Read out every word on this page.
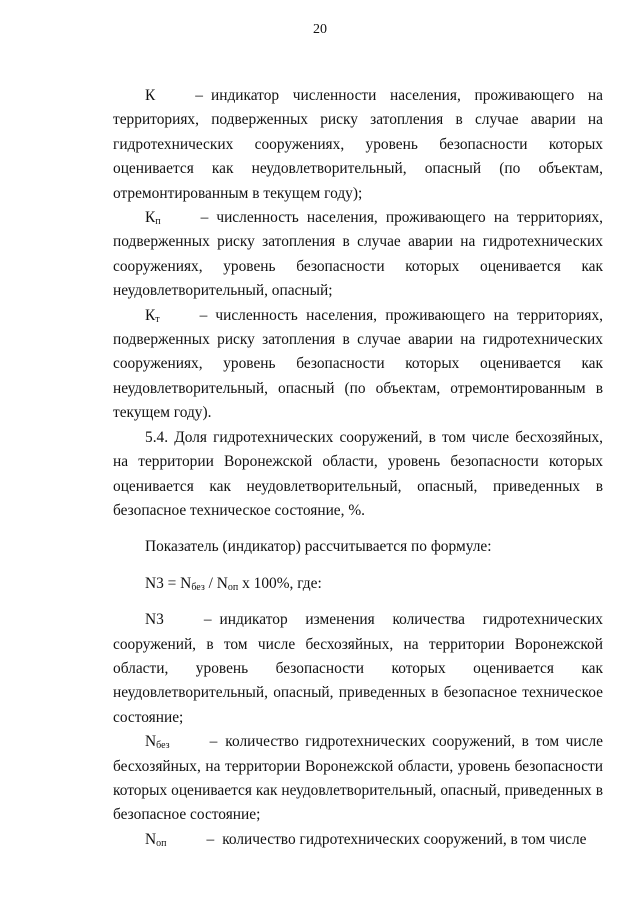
20

К	– индикатор численности населения, проживающего на территориях, подверженных риску затопления в случае аварии на гидротехнических сооружениях, уровень безопасности которых оценивается как неудовлетворительный, опасный (по объектам, отремонтированным в текущем году);

$К_п$	– численность населения, проживающего на территориях, подверженных риску затопления в случае аварии на гидротехнических сооружениях, уровень безопасности которых оценивается как неудовлетворительный, опасный;

$К_т$	– численность населения, проживающего на территориях, подверженных риску затопления в случае аварии на гидротехнических сооружениях, уровень безопасности которых оценивается как неудовлетворительный, опасный (по объектам, отремонтированным в текущем году).

5.4. Доля гидротехнических сооружений, в том числе бесхозяйных, на территории Воронежской области, уровень безопасности которых оценивается как неудовлетворительный, опасный, приведенных в безопасное техническое состояние, %.

Показатель (индикатор) рассчитывается по формуле:

$N3 = N_{без} / N_{оп}$ х 100%, где:

N3	– индикатор изменения количества гидротехнических сооружений, в том числе бесхозяйных, на территории Воронежской области, уровень безопасности которых оценивается как неудовлетворительный, опасный, приведенных в безопасное техническое состояние;

$N_{без}$	– количество гидротехнических сооружений, в том числе бесхозяйных, на территории Воронежской области, уровень безопасности которых оценивается как неудовлетворительный, опасный, приведенных в безопасное состояние;

$N_{оп}$	– количество гидротехнических сооружений, в том числе
